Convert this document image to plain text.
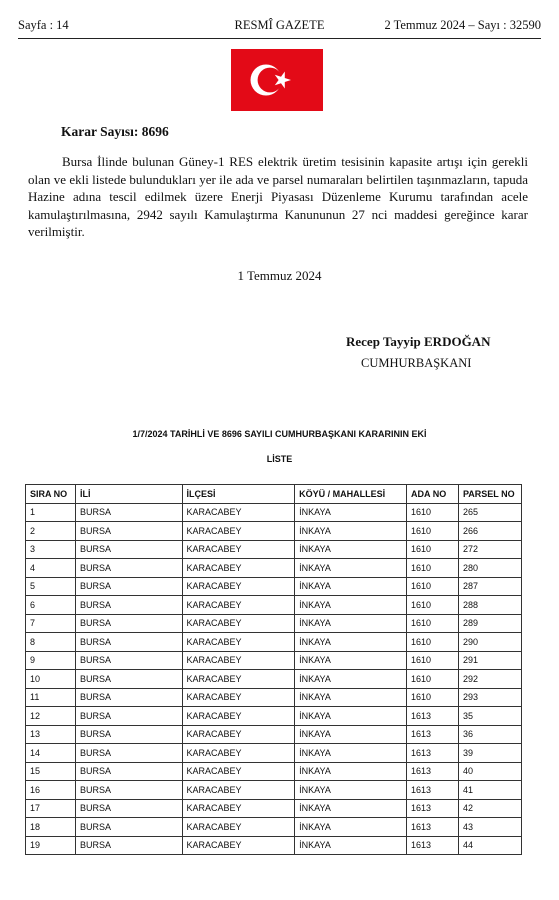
Sayfa : 14	RESMÎ GAZETE	2 Temmuz 2024 – Sayı : 32590
Karar Sayısı: 8696

Bursa İlinde bulunan Güney-1 RES elektrik üretim tesisinin kapasite artışı için gerekli olan ve ekli listede bulundukları yer ile ada ve parsel numaraları belirtilen taşınmazların, tapuda Hazine adına tescil edilmek üzere Enerji Piyasası Düzenleme Kurumu tarafından acele kamulaştırılmasına, 2942 sayılı Kamulaştırma Kanununun 27 nci maddesi gereğince karar verilmiştir.

1 Temmuz 2024
Recep Tayyip ERDOĞAN
CUMHURBAŞKANI
1/7/2024 TARİHLİ VE 8696 SAYILI CUMHURBAŞKANI KARARININ EKİ
LİSTE
SIRA NO	İLİ	İLÇESİ	KÖYÜ / MAHALLESİ	ADA NO	PARSEL NO
1	BURSA	KARACABEY	İNKAYA	1610	265
2	BURSA	KARACABEY	İNKAYA	1610	266
3	BURSA	KARACABEY	İNKAYA	1610	272
4	BURSA	KARACABEY	İNKAYA	1610	280
5	BURSA	KARACABEY	İNKAYA	1610	287
6	BURSA	KARACABEY	İNKAYA	1610	288
7	BURSA	KARACABEY	İNKAYA	1610	289
8	BURSA	KARACABEY	İNKAYA	1610	290
9	BURSA	KARACABEY	İNKAYA	1610	291
10	BURSA	KARACABEY	İNKAYA	1610	292
11	BURSA	KARACABEY	İNKAYA	1610	293
12	BURSA	KARACABEY	İNKAYA	1613	35
13	BURSA	KARACABEY	İNKAYA	1613	36
14	BURSA	KARACABEY	İNKAYA	1613	39
15	BURSA	KARACABEY	İNKAYA	1613	40
16	BURSA	KARACABEY	İNKAYA	1613	41
17	BURSA	KARACABEY	İNKAYA	1613	42
18	BURSA	KARACABEY	İNKAYA	1613	43
19	BURSA	KARACABEY	İNKAYA	1613	44
